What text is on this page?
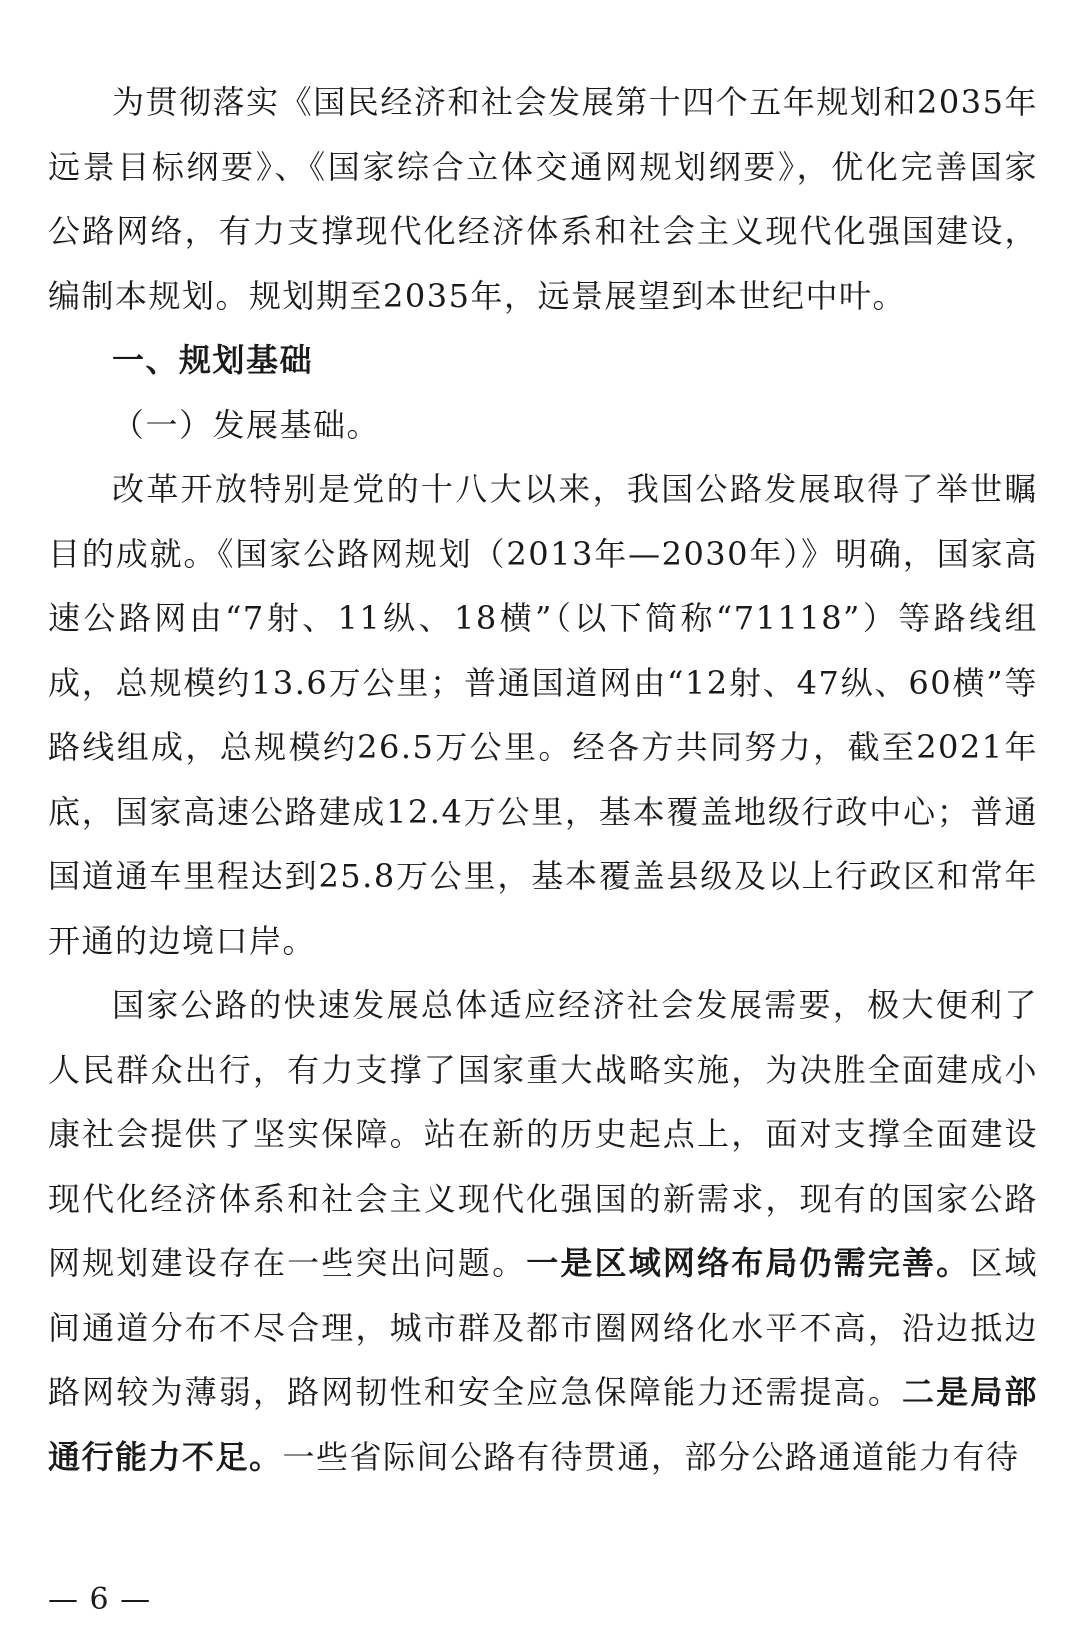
为贯彻落实《国民经济和社会发展第十四个五年规划和2035年远景目标纲要》、《国家综合立体交通网规划纲要》，优化完善国家公路网络，有力支撑现代化经济体系和社会主义现代化强国建设，编制本规划。规划期至2035年，远景展望到本世纪中叶。

一、规划基础

（一）发展基础。

改革开放特别是党的十八大以来，我国公路发展取得了举世瞩目的成就。《国家公路网规划（2013年—2030年）》明确，国家高速公路网由“7射、11纵、18横”（以下简称“71118”）等路线组成，总规模约13.6万公里；普通国道网由“12射、47纵、60横”等路线组成，总规模约26.5万公里。经各方共同努力，截至2021年底，国家高速公路建成12.4万公里，基本覆盖地级行政中心；普通国道通车里程达到25.8万公里，基本覆盖县级及以上行政区和常年开通的边境口岸。

国家公路的快速发展总体适应经济社会发展需要，极大便利了人民群众出行，有力支撑了国家重大战略实施，为决胜全面建成小康社会提供了坚实保障。站在新的历史起点上，面对支撑全面建设现代化经济体系和社会主义现代化强国的新需求，现有的国家公路网规划建设存在一些突出问题。一是区域网络布局仍需完善。区域间通道分布不尽合理，城市群及都市圈网络化水平不高，沿边抵边路网较为薄弱，路网韧性和安全应急保障能力还需提高。二是局部通行能力不足。一些省际间公路有待贯通，部分公路通道能力有待

— 6 —
